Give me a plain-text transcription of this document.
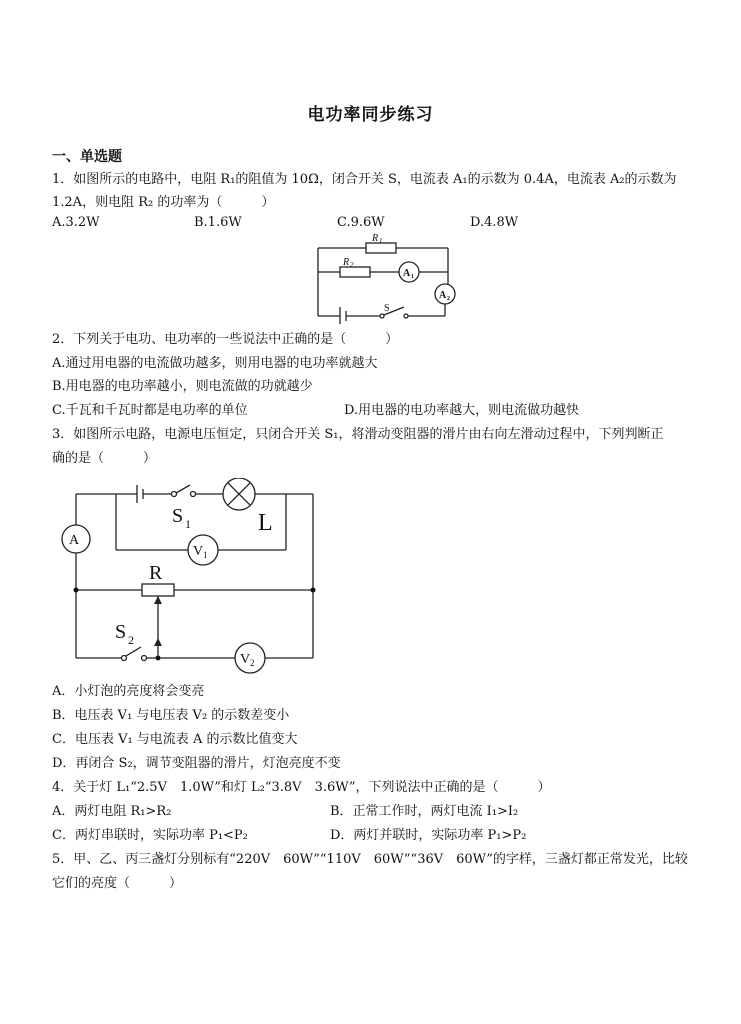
电功率同步练习
一、单选题
1．如图所示的电路中，电阻 R₁的阻值为 10Ω，闭合开关 S，电流表 A₁的示数为 0.4A，电流表 A₂的示数为
1.2A，则电阻 R₂ 的功率为（　　　）
A.3.2W	B.1.6W	C.9.6W	D.4.8W
R 1
R 2
S
A 1
A 2
2．下列关于电功、电功率的一些说法中正确的是（　　　）
A.通过用电器的电流做功越多，则用电器的电功率就越大
B.用电器的电功率越小，则电流做的功就越少
C.千瓦和千瓦时都是电功率的单位	D.用电器的电功率越大，则电流做功越快
3．如图所示电路，电源电压恒定，只闭合开关 S₁，将滑动变阻器的滑片由右向左滑动过程中，下列判断正
确的是（　　　）
A
S 1	L
V 1
R
S 2
V 2
A．小灯泡的亮度将会变亮
B．电压表 V₁ 与电压表 V₂ 的示数差变小
C．电压表 V₁ 与电流表 A 的示数比值变大
D．再闭合 S₂，调节变阻器的滑片，灯泡亮度不变
4．关于灯 L₁“2.5V　1.0W”和灯 L₂“3.8V　3.6W”，下列说法中正确的是（　　　）
A．两灯电阻 R₁>R₂	B．正常工作时，两灯电流 I₁>I₂
C．两灯串联时，实际功率 P₁<P₂	D．两灯并联时，实际功率 P₁>P₂
5．甲、乙、丙三盏灯分别标有“220V　60W”“110V　60W”“36V　60W”的字样，三盏灯都正常发光，比较
它们的亮度（　　　）
